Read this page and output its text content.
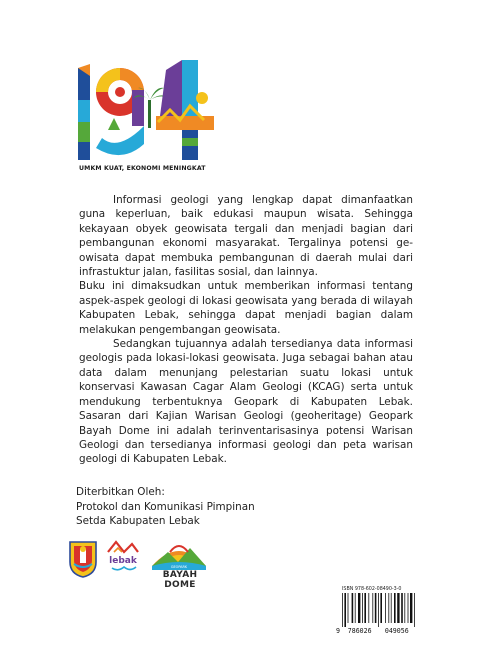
UMKM KUAT, EKONOMI MENINGKAT

Informasi geologi yang lengkap dapat dimanfaatkan guna keperluan, baik edukasi maupun wisata. Sehingga kekayaan obyek geowisata tergali dan menjadi bagian dari pembangunan ekonomi masyarakat. Tergalinya potensi ge-owisata dapat membuka pembangunan di daerah mulai dari infrastuktur jalan, fasilitas sosial, dan lainnya.

Buku ini dimaksudkan untuk memberikan informasi tentang aspek-aspek geologi di lokasi geowisata yang berada di wilayah Kabupaten Lebak, sehingga dapat menjadi bagian dalam melakukan pengembangan geowisata.

Sedangkan tujuannya adalah tersedianya data informasi geologis pada lokasi-lokasi geowisata. Juga sebagai bahan atau data dalam menunjang pelestarian suatu lokasi untuk konservasi Kawasan Cagar Alam Geologi (KCAG) serta untuk mendukung terbentuknya Geopark di Kabupaten Lebak. Sasaran dari Kajian Warisan Geologi (geoheritage) Geopark Bayah Dome ini adalah terinventarisasinya potensi Warisan Geologi dan tersedianya informasi geologi dan peta warisan geologi di Kabupaten Lebak.

Diterbitkan Oleh:
Protokol dan Komunikasi Pimpinan
Setda Kabupaten Lebak
lebak
GEOPARK
BAYAH DOME	ISBN 978-602-08490-3-0
9	786026	049056
